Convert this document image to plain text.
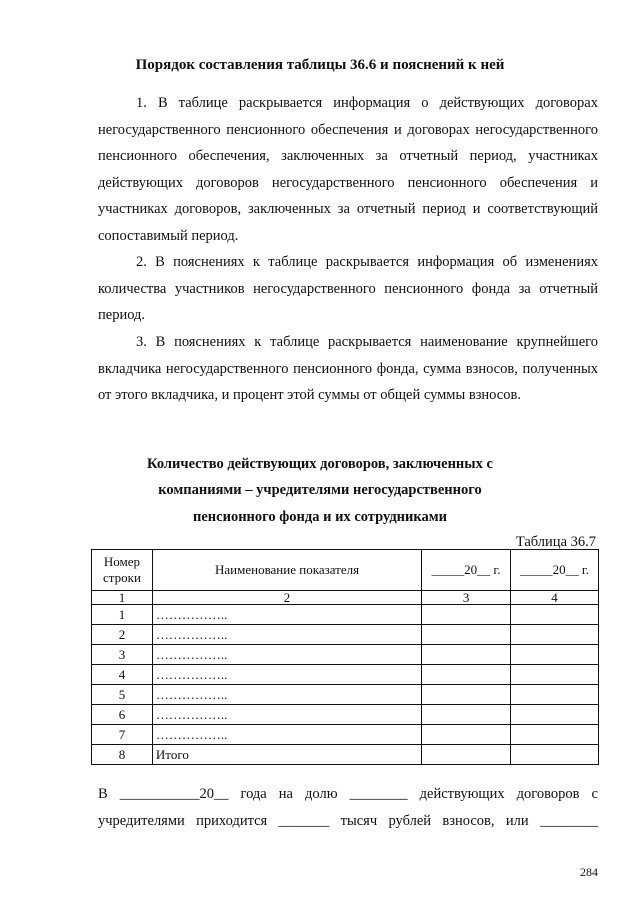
Порядок составления таблицы 36.6 и пояснений к ней

1. В таблице раскрывается информация о действующих договорах негосударственного пенсионного обеспечения и договорах негосударственного пенсионного обеспечения, заключенных за отчетный период, участниках действующих договоров негосударственного пенсионного обеспечения и участниках договоров, заключенных за отчетный период и соответствующий сопоставимый период.

2. В пояснениях к таблице раскрывается информация об изменениях количества участников негосударственного пенсионного фонда за отчетный период.

3. В пояснениях к таблице раскрывается наименование крупнейшего вкладчика негосударственного пенсионного фонда, сумма взносов, полученных от этого вкладчика, и процент этой суммы от общей суммы взносов.

Количество действующих договоров, заключенных с
компаниями – учредителями негосударственного
пенсионного фонда и их сотрудниками
Таблица 36.7
Номер строки	Наименование показателя	_____20__ г.	_____20__ г.
1	2	3	4
1	……………..		
2	……………..		
3	……………..		
4	……………..		
5	……………..		
6	……………..		
7	……………..		
8	Итого		
В ___________20__ года на долю ________ действующих договоров с
учредителями приходится _______ тысяч рублей взносов, или ________
284
